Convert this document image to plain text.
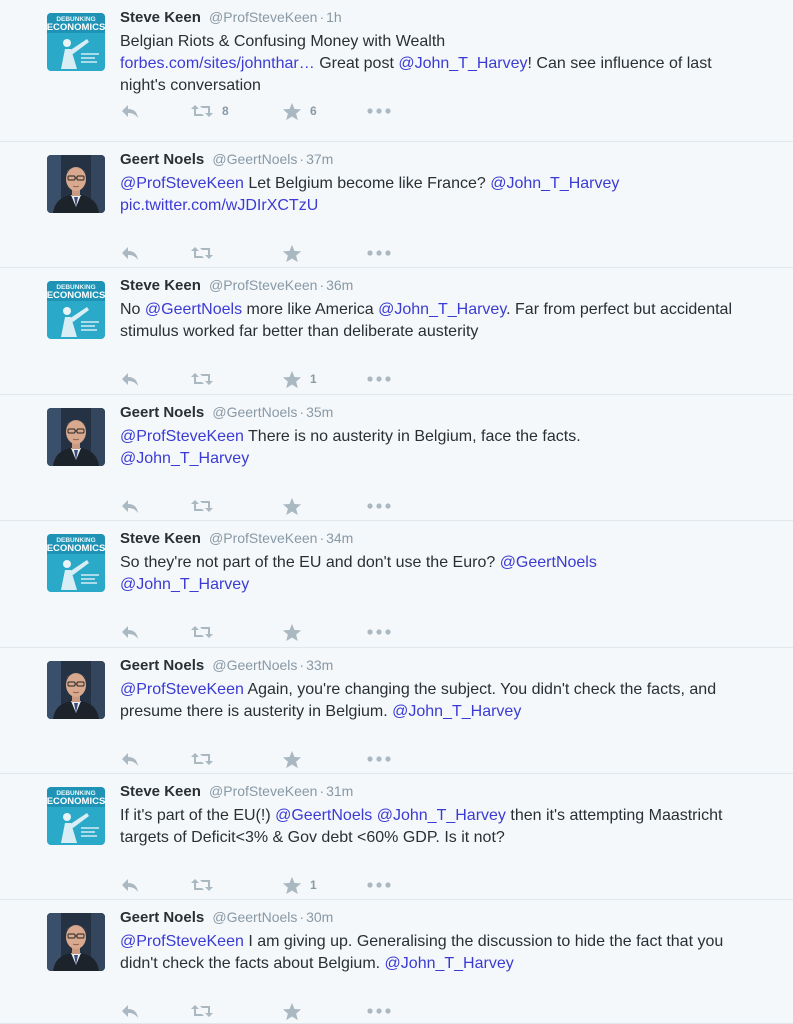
DEBUNKING
ECONOMICS
Steve Keen @ProfSteveKeen · 1h
Belgian Riots & Confusing Money with Wealth
forbes.com/sites/johnthar… Great post @John_T_Harvey! Can see influence of last night's conversation
8	6
Geert Noels @GeertNoels · 37m
@ProfSteveKeen Let Belgium become like France? @John_T_Harvey
pic.twitter.com/wJDIrXCTzU
DEBUNKING
ECONOMICS
Steve Keen @ProfSteveKeen · 36m
No @GeertNoels more like America @John_T_Harvey. Far from perfect but accidental stimulus worked far better than deliberate austerity
1
Geert Noels @GeertNoels · 35m
@ProfSteveKeen There is no austerity in Belgium, face the facts.
@John_T_Harvey
DEBUNKING
ECONOMICS
Steve Keen @ProfSteveKeen · 34m
So they're not part of the EU and don't use the Euro? @GeertNoels
@John_T_Harvey
Geert Noels @GeertNoels · 33m
@ProfSteveKeen Again, you're changing the subject. You didn't check the facts, and presume there is austerity in Belgium. @John_T_Harvey
DEBUNKING
ECONOMICS
Steve Keen @ProfSteveKeen · 31m
If it's part of the EU(!) @GeertNoels @John_T_Harvey then it's attempting Maastricht targets of Deficit<3% & Gov debt <60% GDP. Is it not?
1
Geert Noels @GeertNoels · 30m
@ProfSteveKeen I am giving up. Generalising the discussion to hide the fact that you didn't check the facts about Belgium. @John_T_Harvey
